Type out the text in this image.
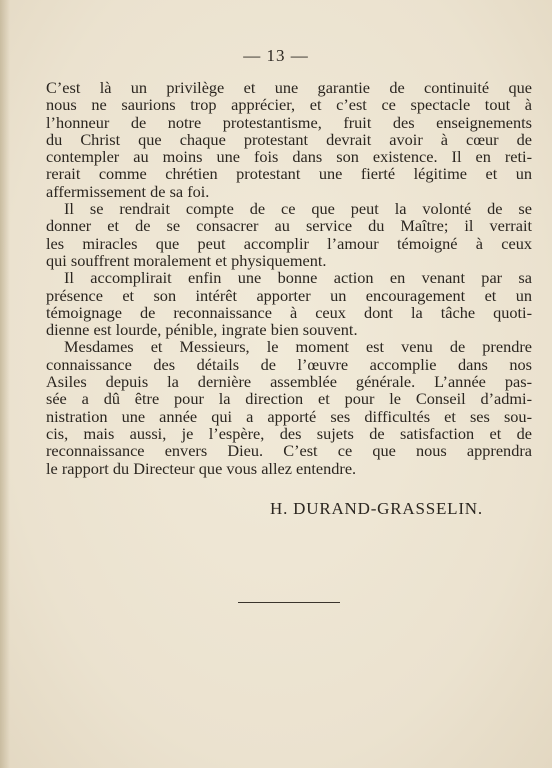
— 13 —
C’est là un privilège et une garantie de continuité que
nous ne saurions trop apprécier, et c’est ce spectacle tout à
l’honneur de notre protestantisme, fruit des enseignements
du Christ que chaque protestant devrait avoir à cœur de
contempler au moins une fois dans son existence. Il en reti-
rerait comme chrétien protestant une fierté légitime et un
affermissement de sa foi.
Il se rendrait compte de ce que peut la volonté de se
donner et de se consacrer au service du Maître; il verrait
les miracles que peut accomplir l’amour témoigné à ceux
qui souffrent moralement et physiquement.
Il accomplirait enfin une bonne action en venant par sa
présence et son intérêt apporter un encouragement et un
témoignage de reconnaissance à ceux dont la tâche quoti-
dienne est lourde, pénible, ingrate bien souvent.
Mesdames et Messieurs, le moment est venu de prendre
connaissance des détails de l’œuvre accomplie dans nos
Asiles depuis la dernière assemblée générale. L’année pas-
sée a dû être pour la direction et pour le Conseil d’admi-
nistration une année qui a apporté ses difficultés et ses sou-
cis, mais aussi, je l’espère, des sujets de satisfaction et de
reconnaissance envers Dieu. C’est ce que nous apprendra
le rapport du Directeur que vous allez entendre.
H. DURAND-GRASSELIN.
